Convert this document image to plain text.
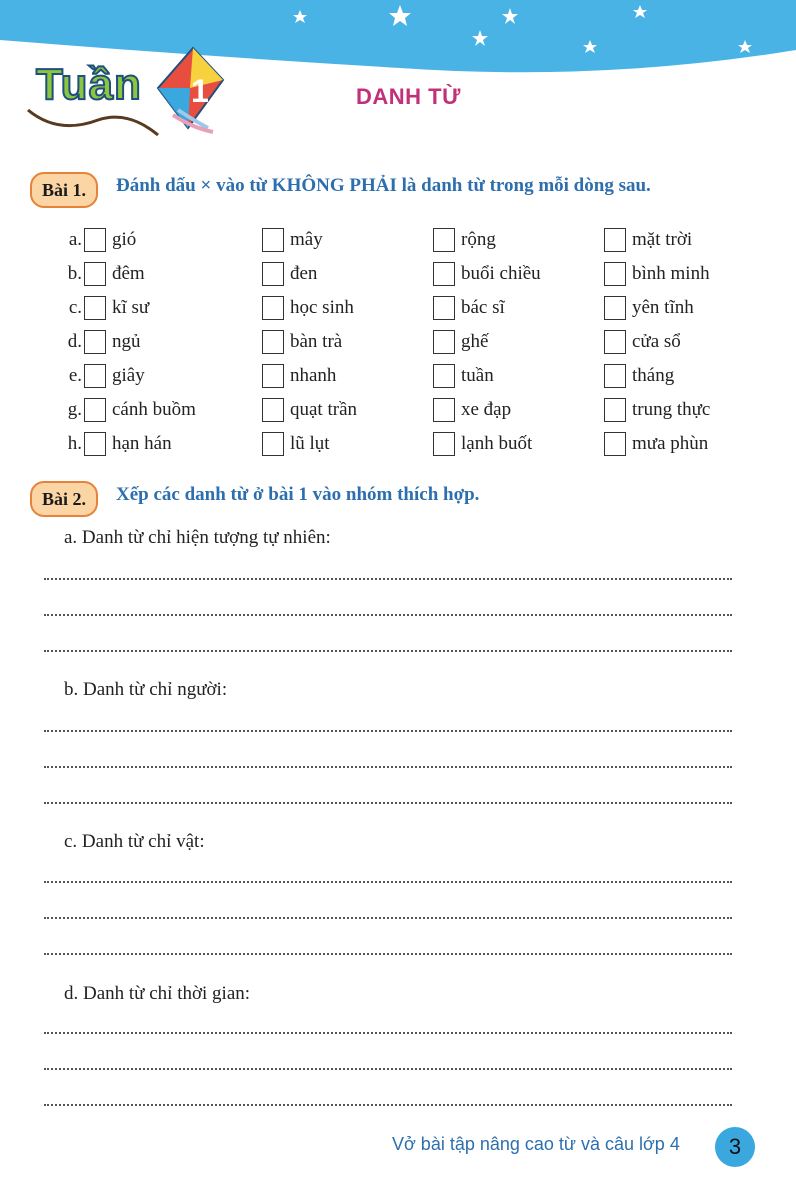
Tuần 1	DANH TỪ
Bài 1.	Đánh dấu × vào từ KHÔNG PHẢI là danh từ trong mỗi dòng sau.
a. gió	mây	rộng	mặt trời
b. đêm	đen	buổi chiều	bình minh
c. kĩ sư	học sinh	bác sĩ	yên tĩnh
d. ngủ	bàn trà	ghế	cửa sổ
e. giây	nhanh	tuần	tháng
g. cánh buồm	quạt trần	xe đạp	trung thực
h. hạn hán	lũ lụt	lạnh buốt	mưa phùn
Bài 2.	Xếp các danh từ ở bài 1 vào nhóm thích hợp.
a. Danh từ chỉ hiện tượng tự nhiên:
b. Danh từ chỉ người:
c. Danh từ chỉ vật:
d. Danh từ chỉ thời gian:
Vở bài tập nâng cao từ và câu lớp 4	3
